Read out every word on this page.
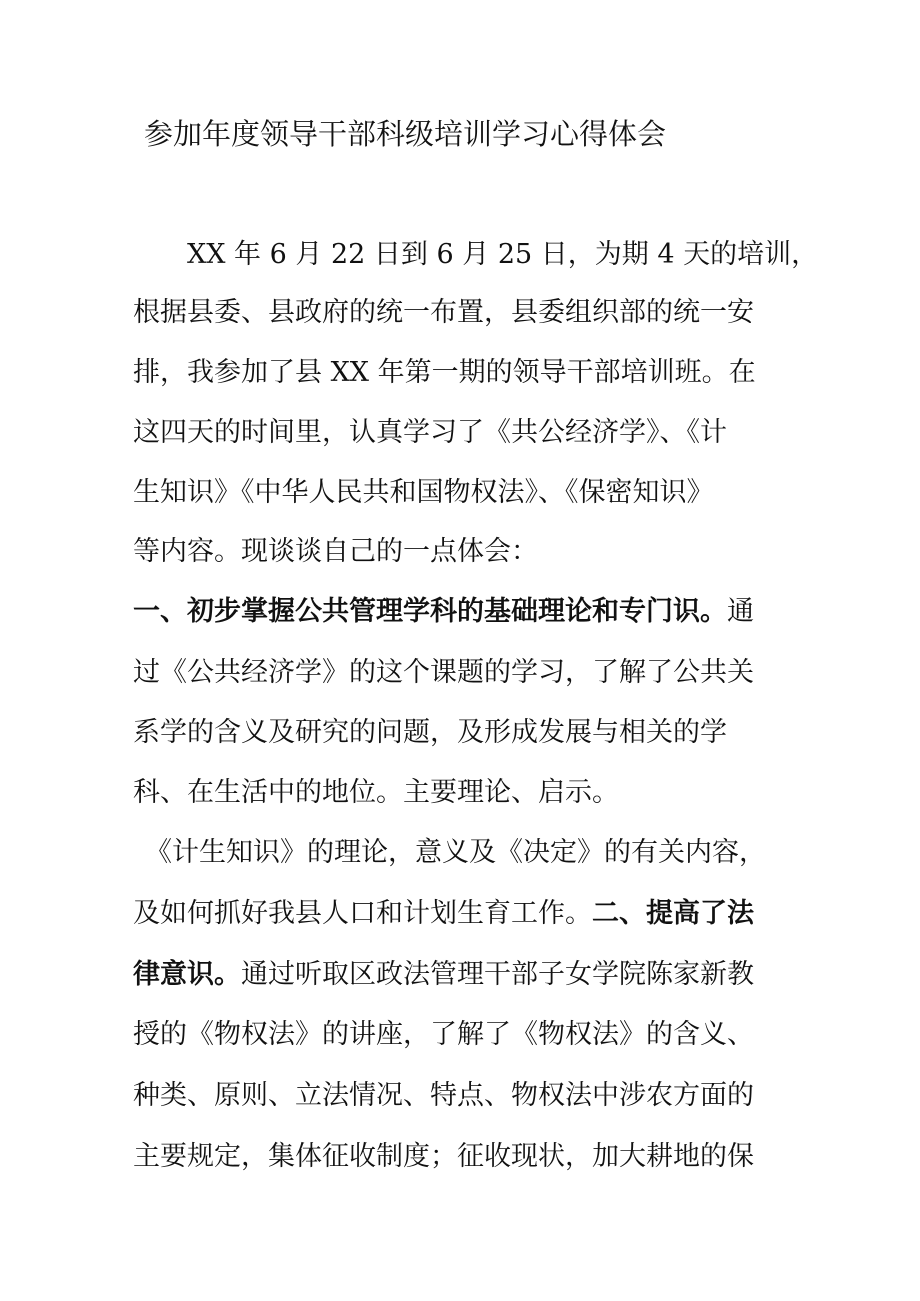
参加年度领导干部科级培训学习心得体会
　　XX 年 6 月 22 日到 6 月 25 日，为期 4 天的培训，
根据县委、县政府的统一布置，县委组织部的统一安
排，我参加了县 XX 年第一期的领导干部培训班。在
这四天的时间里，认真学习了《共公经济学》、《计
生知识》《中华人民共和国物权法》、《保密知识》
等内容。现谈谈自己的一点体会：
一、初步掌握公共管理学科的基础理论和专门识。通
过《公共经济学》的这个课题的学习，了解了公共关
系学的含义及研究的问题，及形成发展与相关的学
科、在生活中的地位。主要理论、启示。
《计生知识》的理论，意义及《决定》的有关内容，
及如何抓好我县人口和计划生育工作。二、提高了法
律意识。通过听取区政法管理干部子女学院陈家新教
授的《物权法》的讲座，了解了《物权法》的含义、
种类、原则、立法情况、特点、物权法中涉农方面的
主要规定，集体征收制度；征收现状，加大耕地的保
